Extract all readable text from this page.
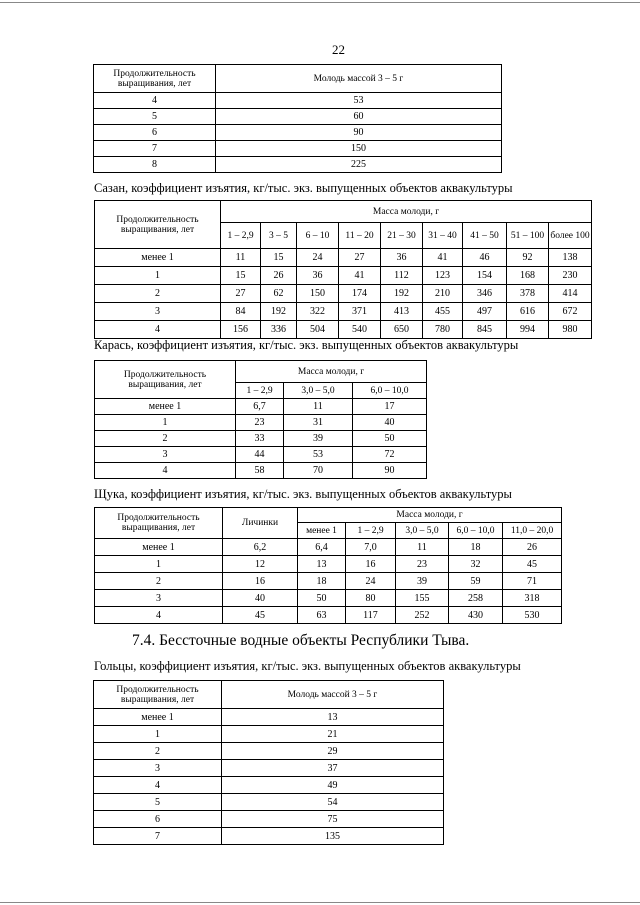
22
Продолжительность выращивания, лет	Молодь массой 3 – 5 г
4	53
5	60
6	90
7	150
8	225
Сазан, коэффициент изъятия, кг/тыс. экз. выпущенных объектов аквакультуры
Продолжительность выращивания, лет	Масса молоди, г								
	1 – 2,9	3 – 5	6 – 10	11 – 20	21 – 30	31 – 40	41 – 50	51 – 100	более 100
менее 1	11	15	24	27	36	41	46	92	138
1	15	26	36	41	112	123	154	168	230
2	27	62	150	174	192	210	346	378	414
3	84	192	322	371	413	455	497	616	672
4	156	336	504	540	650	780	845	994	980
Карась, коэффициент изъятия, кг/тыс. экз. выпущенных объектов аквакультуры
Продолжительность выращивания, лет	Масса молоди, г		
	1 – 2,9	3,0 – 5,0	6,0 – 10,0
менее 1	6,7	11	17
1	23	31	40
2	33	39	50
3	44	53	72
4	58	70	90
Щука, коэффициент изъятия, кг/тыс. экз. выпущенных объектов аквакультуры
Продолжительность выращивания, лет	Личинки	Масса молоди, г				
		менее 1	1 – 2,9	3,0 – 5,0	6,0 – 10,0	11,0 – 20,0
менее 1	6,2	6,4	7,0	11	18	26
1	12	13	16	23	32	45
2	16	18	24	39	59	71
3	40	50	80	155	258	318
4	45	63	117	252	430	530
7.4. Бессточные водные объекты Республики Тыва.
Гольцы, коэффициент изъятия, кг/тыс. экз. выпущенных объектов аквакультуры
Продолжительность выращивания, лет	Молодь массой 3 – 5 г
менее 1	13
1	21
2	29
3	37
4	49
5	54
6	75
7	135
